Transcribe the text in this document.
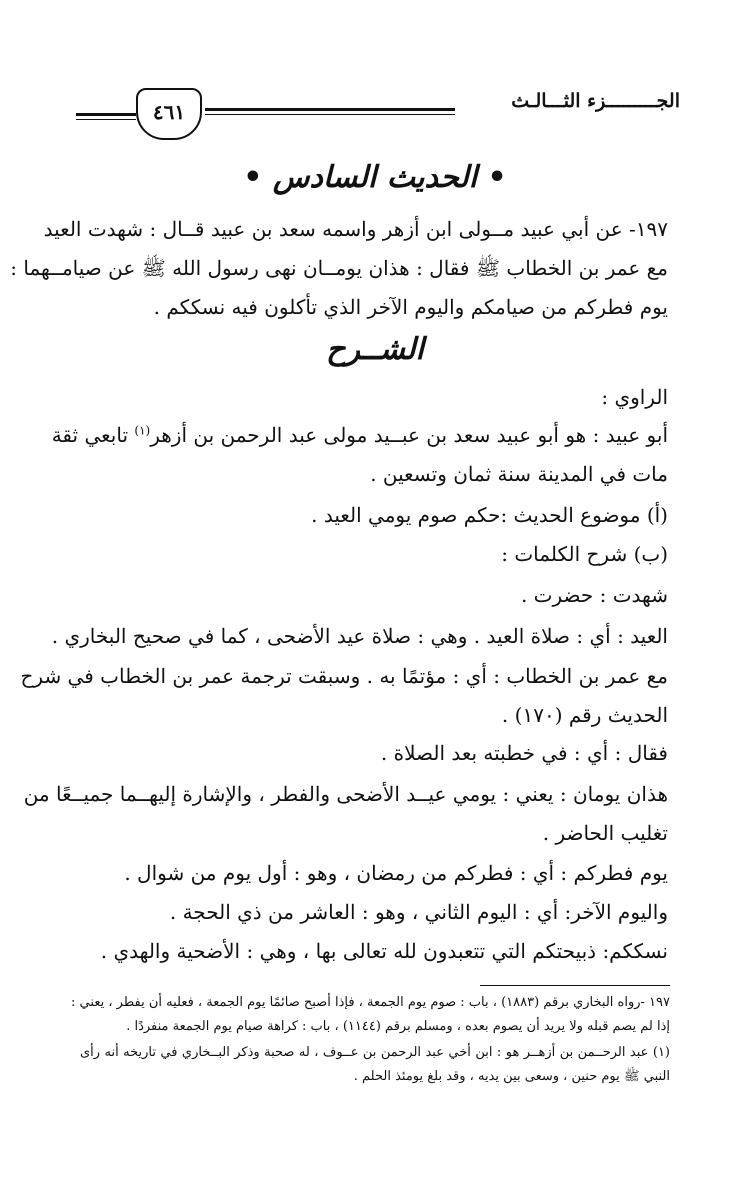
الجـــــــــزء الثـــالـث
٤٦١
• الحديث السادس •
١٩٧- عن أبي عبيد مــولى ابن أزهر واسمه سعد بن عبيد قــال : شهدت العيد
مع عمر بن الخطاب ﷺ فقال : هذان يومــان نهى رسول الله ﷺ عن صيامــهما :
يوم فطركم من صيامكم واليوم الآخر الذي تأكلون فيه نسككم .
الشــرح
الراوي :
أبو عبيد : هو أبو عبيد سعد بن عبــيد مولى عبد الرحمن بن أزهر$^{(١)}$ تابعي ثقة
مات في المدينة سنة ثمان وتسعين .
(أ) موضوع الحديث :حكم صوم يومي العيد .
(ب) شرح الكلمات :
شهدت : حضرت .
العيد : أي : صلاة العيد . وهي : صلاة عيد الأضحى ، كما في صحيح البخاري .
مع عمر بن الخطاب : أي : مؤتمًا به . وسبقت ترجمة عمر بن الخطاب في شرح
الحديث رقم (١٧٠) .
فقال : أي : في خطبته بعد الصلاة .
هذان يومان : يعني : يومي عيــد الأضحى والفطر ، والإشارة إليهــما جميــعًا من
تغليب الحاضر .
يوم فطركم : أي : فطركم من رمضان ، وهو : أول يوم من شوال .
واليوم الآخر: أي : اليوم الثاني ، وهو : العاشر من ذي الحجة .
نسككم: ذبيحتكم التي تتعبدون لله تعالى بها ، وهي : الأضحية والهدي .
١٩٧ -رواه البخاري برقم (١٨٨٣) ، باب : صوم يوم الجمعة ، فإذا أصبح صائمًا يوم الجمعة ، فعليه أن يفطر ، يعني :
إذا لم يصم قبله ولا يريد أن يصوم بعده ، ومسلم برقم (١١٤٤) ، باب : كراهة صيام يوم الجمعة منفردًا .
(١) عبد الرحــمن بن أزهــر هو : ابن أخي عبد الرحمن بن عــوف ، له صحبة وذكر البــخاري في تاريخه أنه رأى
النبي ﷺ يوم حنين ، وسعى بين يديه ، وقد بلغ يومئذ الحلم .
